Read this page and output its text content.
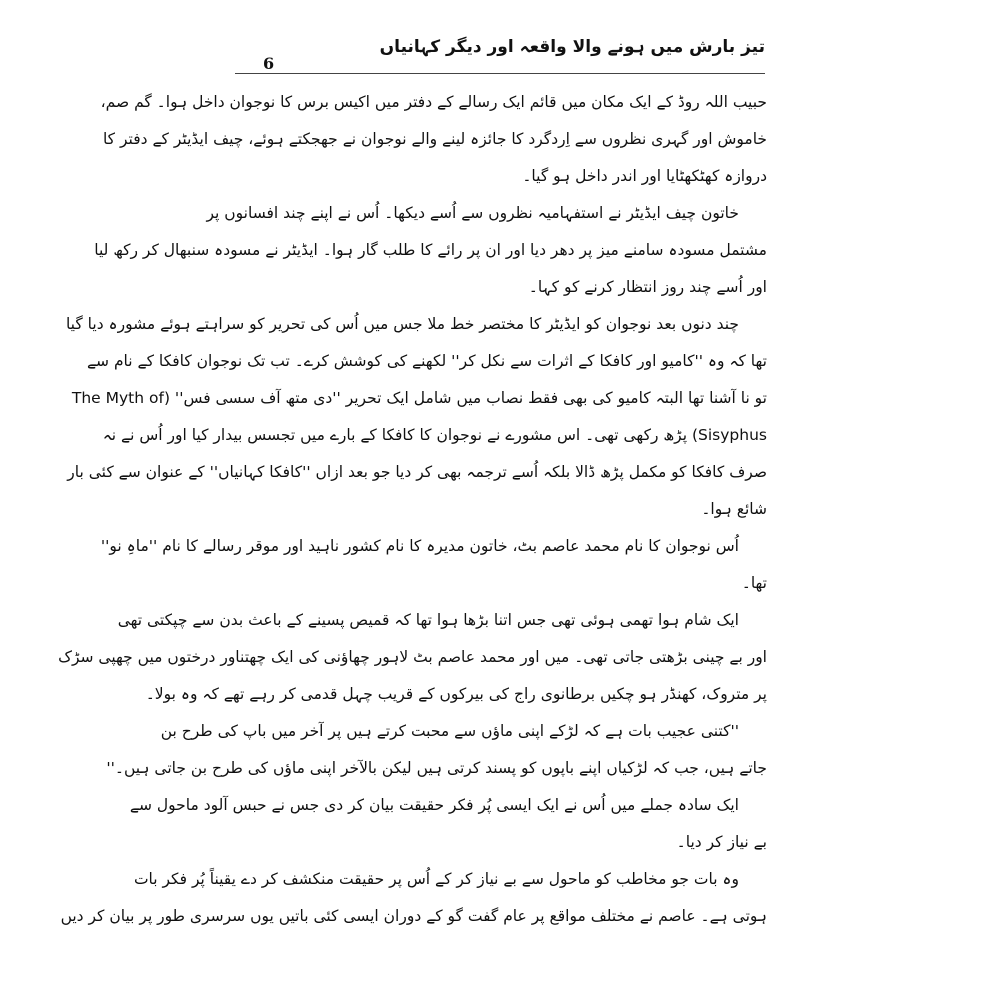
تیز بارش میں ہونے والا واقعہ اور دیگر کہانیاں
6
حبیب اللہ روڈ کے ایک مکان میں قائم ایک رسالے کے دفتر میں اکیس برس کا نوجوان داخل ہوا۔ گم صم،
خاموش اور گہری نظروں سے اِردگرد کا جائزہ لینے والے نوجوان نے جھجکتے ہوئے، چیف ایڈیٹر کے دفتر کا
دروازہ کھٹکھٹایا اور اندر داخل ہو گیا۔
خاتون چیف ایڈیٹر نے استفہامیہ نظروں سے اُسے دیکھا۔ اُس نے اپنے چند افسانوں پر
مشتمل مسودہ سامنے میز پر دھر دیا اور ان پر رائے کا طلب گار ہوا۔ ایڈیٹر نے مسودہ سنبھال کر رکھ لیا
اور اُسے چند روز انتظار کرنے کو کہا۔
چند دنوں بعد نوجوان کو ایڈیٹر کا مختصر خط ملا جس میں اُس کی تحریر کو سراہتے ہوئے مشورہ دیا گیا
تھا کہ وہ ''کامیو اور کافکا کے اثرات سے نکل کر'' لکھنے کی کوشش کرے۔ تب تک نوجوان کافکا کے نام سے
تو نا آشنا تھا البتہ کامیو کی بھی فقط نصاب میں شامل ایک تحریر ''دی متھ آف سسی فس'' (The Myth of
Sisyphus) پڑھ رکھی تھی۔ اس مشورے نے نوجوان کا کافکا کے بارے میں تجسس بیدار کیا اور اُس نے نہ
صرف کافکا کو مکمل پڑھ ڈالا بلکہ اُسے ترجمہ بھی کر دیا جو بعد ازاں ''کافکا کہانیاں'' کے عنوان سے کئی بار
شائع ہوا۔
اُس نوجوان کا نام محمد عاصم بٹ، خاتون مدیرہ کا نام کشور ناہید اور موقر رسالے کا نام ''ماہِ نو''
تھا۔
ایک شام ہوا تھمی ہوئی تھی جس اتنا بڑھا ہوا تھا کہ قمیص پسینے کے باعث بدن سے چپکتی تھی
اور بے چینی بڑھتی جاتی تھی۔ میں اور محمد عاصم بٹ لاہور چھاؤنی کی ایک چھتناور درختوں میں چھپی سڑک
پر متروک، کھنڈر ہو چکیں برطانوی راج کی بیرکوں کے قریب چہل قدمی کر رہے تھے کہ وہ بولا۔
''کتنی عجیب بات ہے کہ لڑکے اپنی ماؤں سے محبت کرتے ہیں پر آخر میں باپ کی طرح بن
جاتے ہیں، جب کہ لڑکیاں اپنے باپوں کو پسند کرتی ہیں لیکن بالآخر اپنی ماؤں کی طرح بن جاتی ہیں۔''
ایک سادہ جملے میں اُس نے ایک ایسی پُر فکر حقیقت بیان کر دی جس نے حبس آلود ماحول سے
بے نیاز کر دیا۔
وہ بات جو مخاطب کو ماحول سے بے نیاز کر کے اُس پر حقیقت منکشف کر دے یقیناً پُر فکر بات
ہوتی ہے۔ عاصم نے مختلف مواقع پر عام گفت گو کے دوران ایسی کئی باتیں یوں سرسری طور پر بیان کر دیں
